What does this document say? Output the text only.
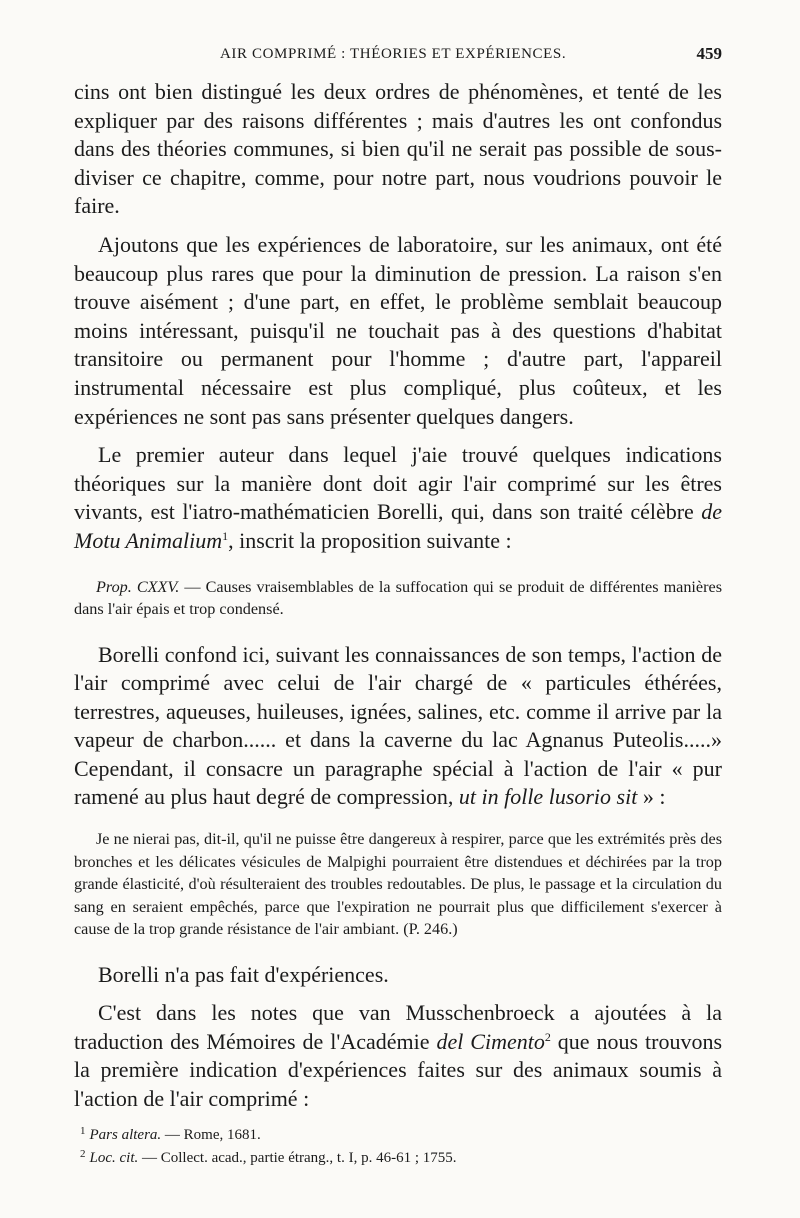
AIR COMPRIMÉ : THÉORIES ET EXPÉRIENCES.	459

cins ont bien distingué les deux ordres de phénomènes, et tenté de les expliquer par des raisons différentes ; mais d'autres les ont confondus dans des théories communes, si bien qu'il ne serait pas possible de sous-diviser ce chapitre, comme, pour notre part, nous voudrions pouvoir le faire.

Ajoutons que les expériences de laboratoire, sur les animaux, ont été beaucoup plus rares que pour la diminution de pression. La raison s'en trouve aisément ; d'une part, en effet, le problème semblait beaucoup moins intéressant, puisqu'il ne touchait pas à des questions d'habitat transitoire ou permanent pour l'homme ; d'autre part, l'appareil instrumental nécessaire est plus compliqué, plus coûteux, et les expériences ne sont pas sans présenter quelques dangers.

Le premier auteur dans lequel j'aie trouvé quelques indications théoriques sur la manière dont doit agir l'air comprimé sur les êtres vivants, est l'iatro-mathématicien Borelli, qui, dans son traité célèbre de Motu Animalium$^1$, inscrit la proposition suivante :

Prop. CXXV. — Causes vraisemblables de la suffocation qui se produit de différentes manières dans l'air épais et trop condensé.

Borelli confond ici, suivant les connaissances de son temps, l'action de l'air comprimé avec celui de l'air chargé de « particules éthérées, terrestres, aqueuses, huileuses, ignées, salines, etc. comme il arrive par la vapeur de charbon...... et dans la caverne du lac Agnanus Puteolis.....» Cependant, il consacre un paragraphe spécial à l'action de l'air « pur ramené au plus haut degré de compression, ut in folle lusorio sit » :

Je ne nierai pas, dit-il, qu'il ne puisse être dangereux à respirer, parce que les extrémités près des bronches et les délicates vésicules de Malpighi pourraient être distendues et déchirées par la trop grande élasticité, d'où résulteraient des troubles redoutables. De plus, le passage et la circulation du sang en seraient empêchés, parce que l'expiration ne pourrait plus que difficilement s'exercer à cause de la trop grande résistance de l'air ambiant. (P. 246.)

Borelli n'a pas fait d'expériences.

C'est dans les notes que van Musschenbroeck a ajoutées à la traduction des Mémoires de l'Académie del Cimento$^2$ que nous trouvons la première indication d'expériences faites sur des animaux soumis à l'action de l'air comprimé :

$^1$ Pars altera. — Rome, 1681.
$^2$ Loc. cit. — Collect. acad., partie étrang., t. I, p. 46-61 ; 1755.
